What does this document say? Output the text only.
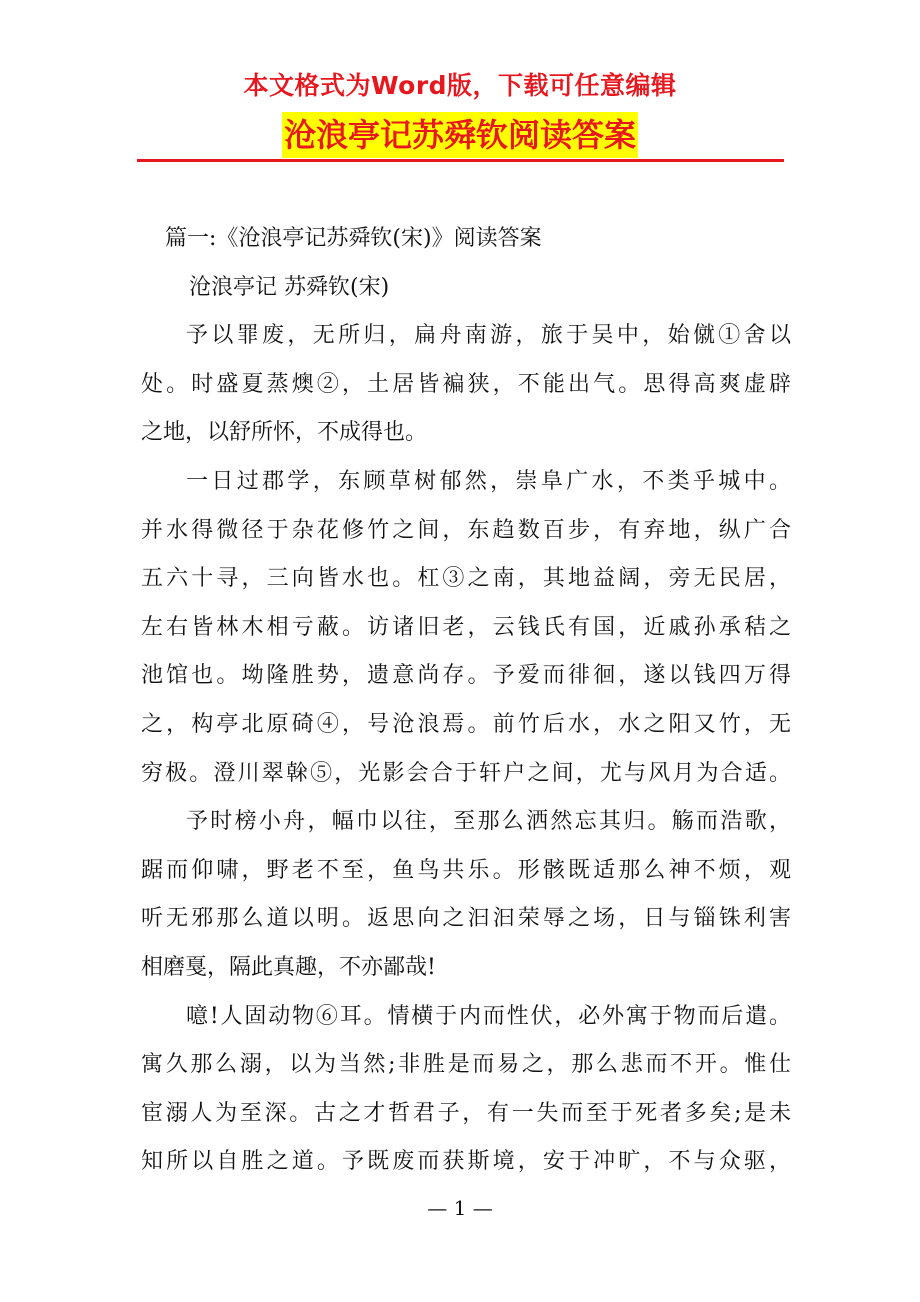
本文格式为Word版，下载可任意编辑
沧浪亭记苏舜钦阅读答案
篇一:《沧浪亭记苏舜钦(宋)》阅读答案
沧浪亭记 苏舜钦(宋)
予以罪废，无所归，扁舟南游，旅于吴中，始僦①舍以
处。时盛夏蒸燠②，土居皆褊狭，不能出气。思得高爽虚辟
之地，以舒所怀，不成得也。
一日过郡学，东顾草树郁然，崇阜广水，不类乎城中。
并水得微径于杂花修竹之间，东趋数百步，有弃地，纵广合
五六十寻，三向皆水也。杠③之南，其地益阔，旁无民居，
左右皆林木相亏蔽。访诸旧老，云钱氏有国，近戚孙承秸之
池馆也。坳隆胜势，遗意尚存。予爱而徘徊，遂以钱四万得
之，构亭北原碕④，号沧浪焉。前竹后水，水之阳又竹，无
穷极。澄川翠榦⑤，光影会合于轩户之间，尤与风月为合适。
予时榜小舟，幅巾以往，至那么洒然忘其归。觞而浩歌，
踞而仰啸，野老不至，鱼鸟共乐。形骸既适那么神不烦，观
听无邪那么道以明。返思向之汩汩荣辱之场，日与锱铢利害
相磨戛，隔此真趣，不亦鄙哉!
噫!人固动物⑥耳。情横于内而性伏，必外寓于物而后遣。
寓久那么溺，以为当然;非胜是而易之，那么悲而不开。惟仕
宦溺人为至深。古之才哲君子，有一失而至于死者多矣;是未
知所以自胜之道。予既废而获斯境，安于冲旷，不与众驱，
— 1 —
